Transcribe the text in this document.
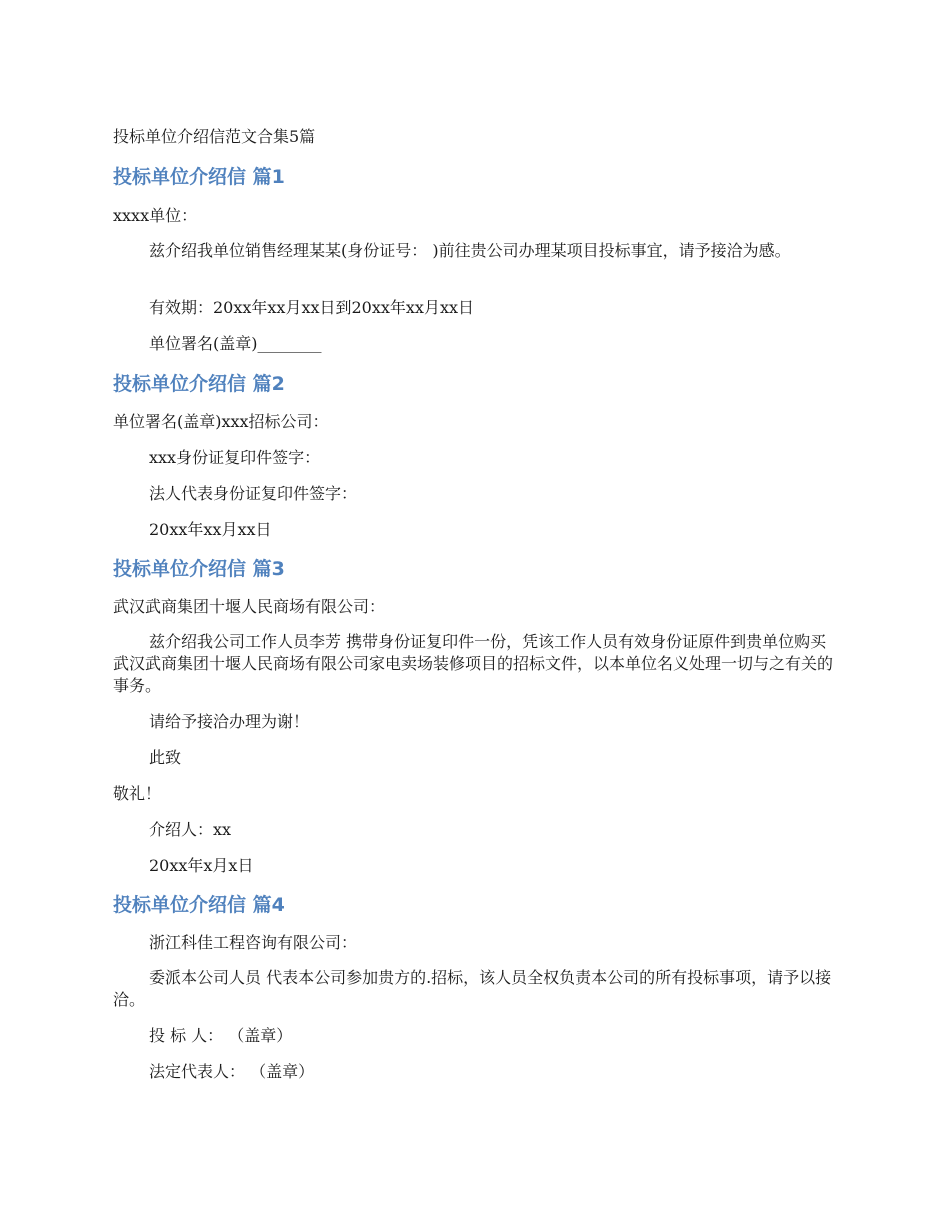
投标单位介绍信范文合集5篇
投标单位介绍信 篇1
xxxx单位：
兹介绍我单位销售经理某某(身份证号： )前往贵公司办理某项目投标事宜，请予接洽为感。
有效期：20xx年xx月xx日到20xx年xx月xx日
单位署名(盖章)________
投标单位介绍信 篇2
单位署名(盖章)xxx招标公司：
xxx身份证复印件签字：
法人代表身份证复印件签字：
20xx年xx月xx日
投标单位介绍信 篇3
武汉武商集团十堰人民商场有限公司：
兹介绍我公司工作人员李芳 携带身份证复印件一份，凭该工作人员有效身份证原件到贵单位购买武汉武商集团十堰人民商场有限公司家电卖场装修项目的招标文件，以本单位名义处理一切与之有关的事务。
请给予接洽办理为谢！
此致
敬礼！
介绍人：xx
20xx年x月x日
投标单位介绍信 篇4
浙江科佳工程咨询有限公司：
委派本公司人员 代表本公司参加贵方的.招标，该人员全权负责本公司的所有投标事项，请予以接洽。
投 标 人： （盖章）
法定代表人： （盖章）
